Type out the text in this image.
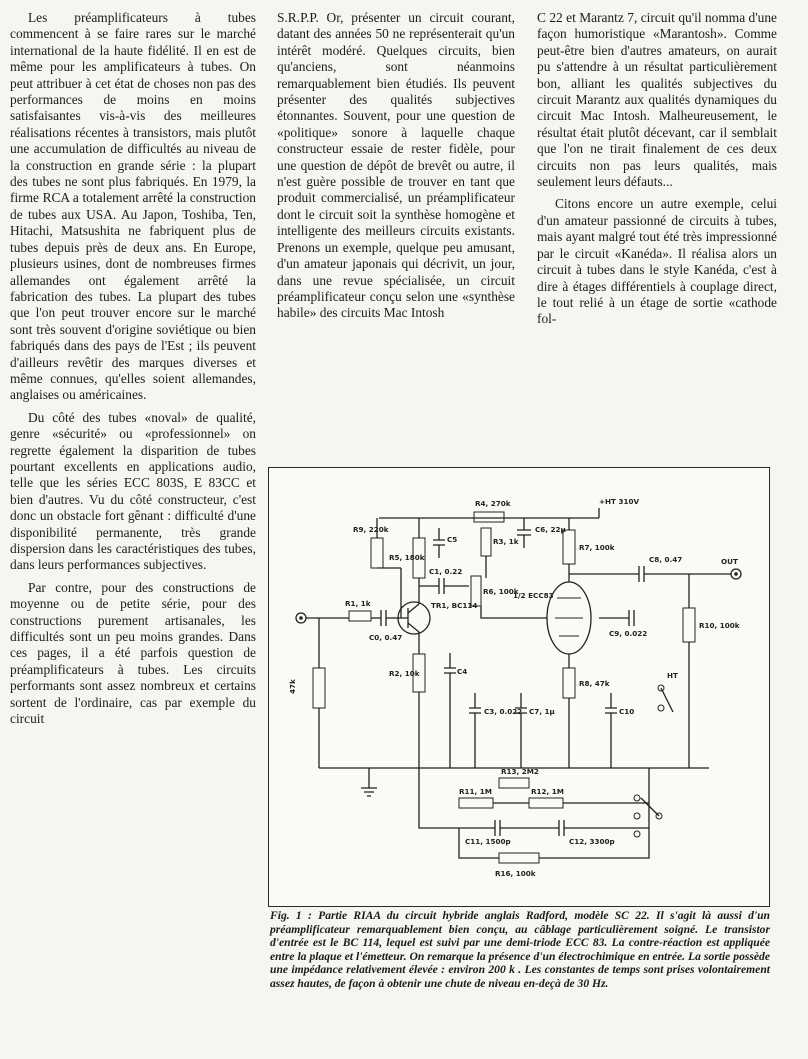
Les préamplificateurs à tubes commencent à se faire rares sur le marché international de la haute fidélité. Il en est de même pour les amplificateurs à tubes. On peut attribuer à cet état de choses non pas des performances de moins en moins satisfaisantes vis-à-vis des meilleures réalisations récentes à transistors, mais plutôt une accumulation de difficultés au niveau de la construction en grande série : la plupart des tubes ne sont plus fabriqués. En 1979, la firme RCA a totalement arrêté la construction de tubes aux USA. Au Japon, Toshiba, Ten, Hitachi, Matsushita ne fabriquent plus de tubes depuis près de deux ans. En Europe, plusieurs usines, dont de nombreuses firmes allemandes ont également arrêté la fabrication des tubes. La plupart des tubes que l'on peut trouver encore sur le marché sont très souvent d'origine soviétique ou bien fabriqués dans des pays de l'Est ; ils peuvent d'ailleurs revêtir des marques diverses et même connues, qu'elles soient allemandes, anglaises ou américaines.

Du côté des tubes «noval» de qualité, genre «sécurité» ou «professionnel» on regrette également la disparition de tubes pourtant excellents en applications audio, telle que les séries ECC 803S, E 83CC et bien d'autres. Vu du côté constructeur, c'est donc un obstacle fort gênant : difficulté d'une disponibilité permanente, très grande dispersion dans les caractéristiques des tubes, dans leurs performances subjectives.

Par contre, pour des constructions de moyenne ou de petite série, pour des constructions purement artisanales, les difficultés sont un peu moins grandes. Dans ces pages, il a été parfois question de préamplificateurs à tubes. Les circuits performants sont assez nombreux et certains sortent de l'ordinaire, cas par exemple du circuit

S.R.P.P. Or, présenter un circuit courant, datant des années 50 ne représenterait qu'un intérêt modéré. Quelques circuits, bien qu'anciens, sont néanmoins remarquablement bien étudiés. Ils peuvent présenter des qualités subjectives étonnantes. Souvent, pour une question de «politique» sonore à laquelle chaque constructeur essaie de rester fidèle, pour une question de dépôt de brevêt ou autre, il n'est guère possible de trouver en tant que produit commercialisé, un préamplificateur dont le circuit soit la synthèse homogène et intelligente des meilleurs circuits existants. Prenons un exemple, quelque peu amusant, d'un amateur japonais qui décrivit, un jour, dans une revue spécialisée, un circuit préamplificateur conçu selon une «synthèse habile» des circuits Mac Intosh

C 22 et Marantz 7, circuit qu'il nomma d'une façon humoristique «Marantosh». Comme peut-être bien d'autres amateurs, on aurait pu s'attendre à un résultat particulièrement bon, alliant les qualités subjectives du circuit Marantz aux qualités dynamiques du circuit Mac Intosh. Malheureusement, le résultat était plutôt décevant, car il semblait que l'on ne tirait finalement de ces deux circuits non pas leurs qualités, mais seulement leurs défauts...

Citons encore un autre exemple, celui d'un amateur passionné de circuits à tubes, mais ayant malgré tout été très impressionné par le circuit «Kanéda». Il réalisa alors un circuit à tubes dans le style Kanéda, c'est à dire à étages différentiels à couplage direct, le tout relié à un étage de sortie «cathode fol-

+HT 310V
R1, 1k
C0, 0.47
47k
TR1, BC114
R5, 180k
R2, 10k
R9, 220k
C5
R4, 270k
C6, 22μ
R3, 1k
R6, 100k
C1, 0.22
1/2 ECC83
R7, 100k
R8, 47k
C8, 0.47	OUT
R10, 100k
C9, 0.022
C3, 0.022 C7, 1μ
C4
C10
HT
R11, 1M	R12, 1M
C11, 1500p	C12, 3300p
R16, 100k
R13, 2M2
Fig. 1 : Partie RIAA du circuit hybride anglais Radford, modèle SC 22. Il s'agit là aussi d'un préamplificateur remarquablement bien conçu, au câblage particulièrement soigné. Le transistor d'entrée est le BC 114, lequel est suivi par une demi-triode ECC 83. La contre-réaction est appliquée entre la plaque et l'émetteur. On remarque la présence d'un électrochimique en entrée. La sortie possède une impédance relativement élevée : environ 200 k . Les constantes de temps sont prises volontairement assez hautes, de façon à obtenir une chute de niveau en-deçà de 30 Hz.
